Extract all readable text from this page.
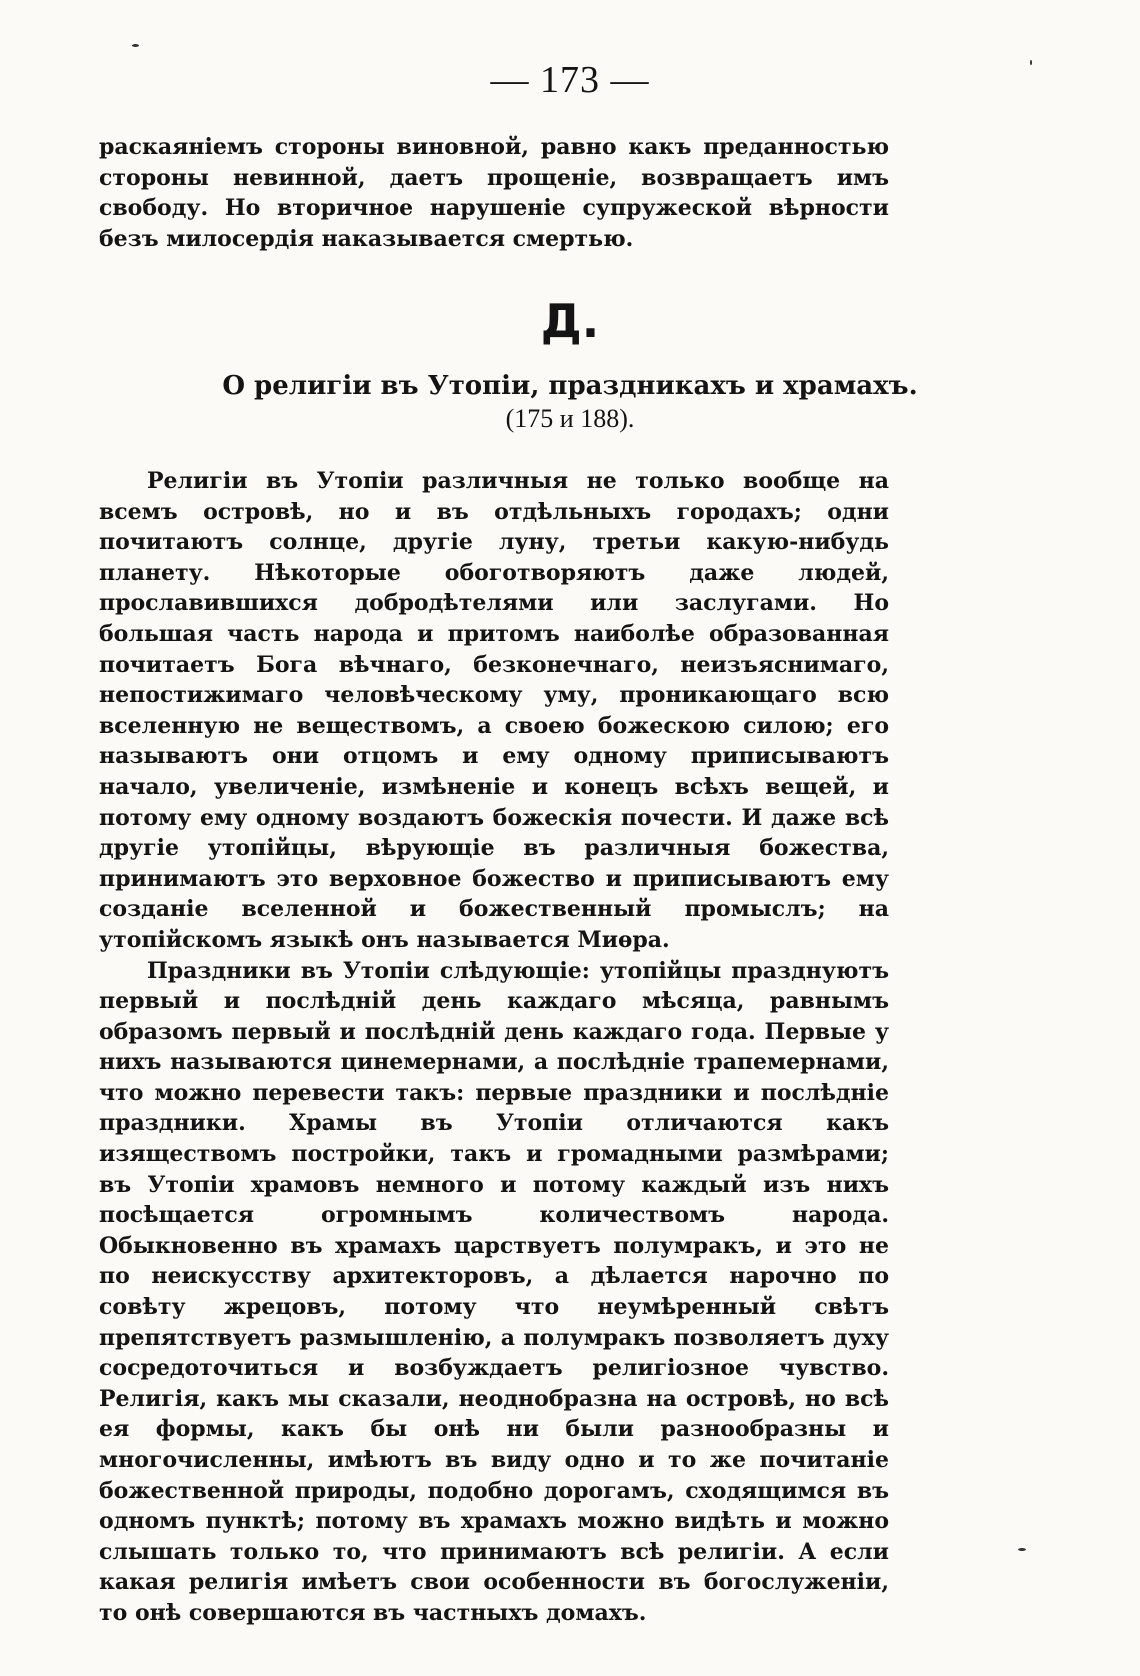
— 173 —

раскаяніемъ стороны виновной, равно какъ преданностью стороны невинной, даетъ прощеніе, возвращаетъ имъ свободу. Но вторичное нарушеніе супружеской вѣрности безъ милосердія наказывается смертью.

Д.
О религіи въ Утопіи, праздникахъ и храмахъ.
(175 и 188).

Религіи въ Утопіи различныя не только вообще на всемъ островѣ, но и въ отдѣльныхъ городахъ; одни почитаютъ солнце, другіе луну, третьи какую-нибудь планету. Нѣкоторые обоготворяютъ даже людей, прославившихся добродѣтелями или заслугами. Но большая часть народа и притомъ наиболѣе образованная почитаетъ Бога вѣчнаго, безконечнаго, неизъяснимаго, непостижимаго человѣческому уму, проникающаго всю вселенную не веществомъ, а своею божескою силою; его называютъ они отцомъ и ему одному приписываютъ начало, увеличеніе, измѣненіе и конецъ всѣхъ вещей, и потому ему одному воздаютъ божескія почести. И даже всѣ другіе утопійцы, вѣрующіе въ различныя божества, принимаютъ это верховное божество и приписываютъ ему созданіе вселенной и божественный промыслъ; на утопійскомъ языкѣ онъ называется Миѳра.

Праздники въ Утопіи слѣдующіе: утопійцы празднуютъ первый и послѣдній день каждаго мѣсяца, равнымъ образомъ первый и послѣдній день каждаго года. Первые у нихъ называются цинемернами, а послѣдніе трапемернами, что можно перевести такъ: первые праздники и послѣдніе праздники. Храмы въ Утопіи отличаются какъ изяществомъ постройки, такъ и громадными размѣрами; въ Утопіи храмовъ немного и потому каждый изъ нихъ посѣщается огромнымъ количествомъ народа. Обыкновенно въ храмахъ царствуетъ полумракъ, и это не по неискусству архитекторовъ, а дѣлается нарочно по совѣту жрецовъ, потому что неумѣренный свѣтъ препятствуетъ размышленію, а полумракъ позволяетъ духу сосредоточиться и возбуждаетъ религіозное чувство. Религія, какъ мы сказали, неоднобразна на островѣ, но всѣ ея формы, какъ бы онѣ ни были разнообразны и многочисленны, имѣютъ въ виду одно и то же почитаніе божественной природы, подобно дорогамъ, сходящимся въ одномъ пунктѣ; потому въ храмахъ можно видѣть и можно слышать только то, что принимаютъ всѣ религіи. А если какая религія имѣетъ свои особенности въ богослуженіи, то онѣ совершаются въ частныхъ домахъ.
